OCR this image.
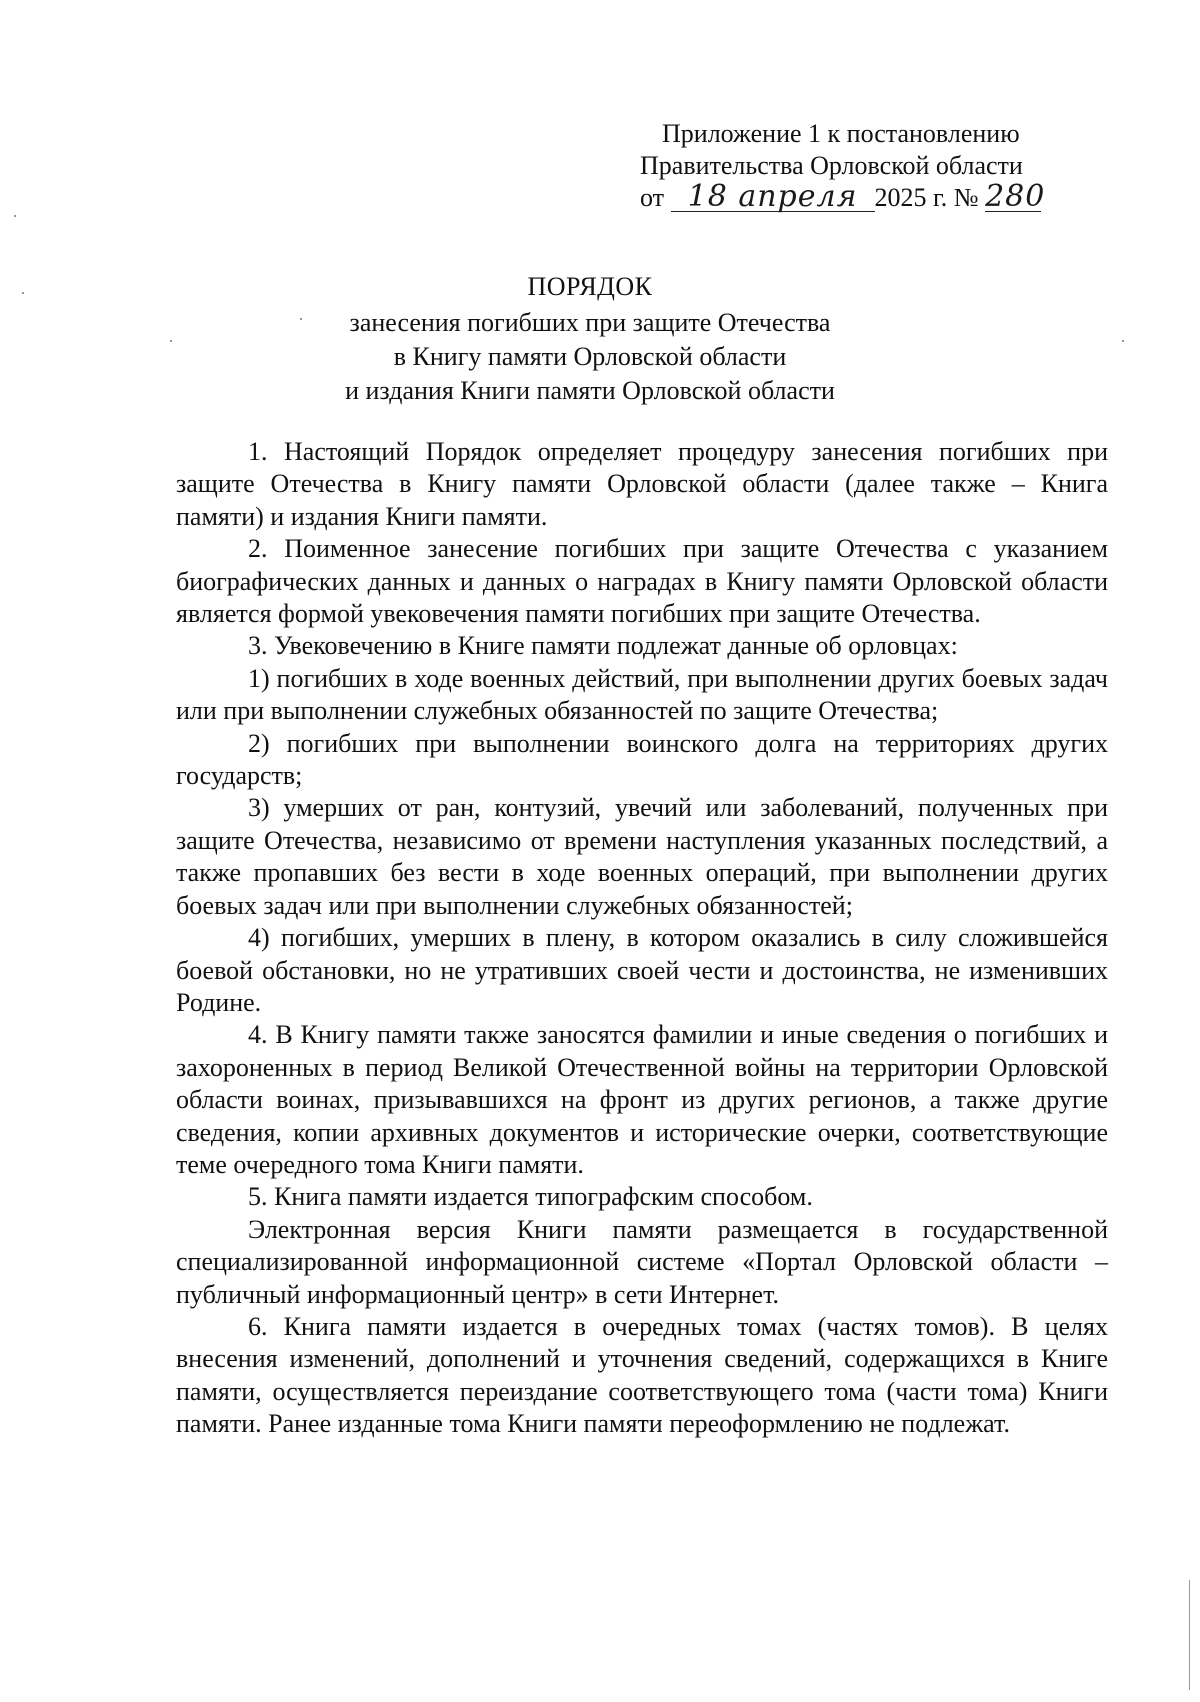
Приложение 1 к постановлению
Правительства Орловской области
от 18 апреля 2025 г. № 280
ПОРЯДОК
занесения погибших при защите Отечества
в Книгу памяти Орловской области
и издания Книги памяти Орловской области

1. Настоящий Порядок определяет процедуру занесения погибших при защите Отечества в Книгу памяти Орловской области (далее также – Книга памяти) и издания Книги памяти.

2. Поименное занесение погибших при защите Отечества с указанием биографических данных и данных о наградах в Книгу памяти Орловской области является формой увековечения памяти погибших при защите Отечества.

3. Увековечению в Книге памяти подлежат данные об орловцах:

1) погибших в ходе военных действий, при выполнении других боевых задач или при выполнении служебных обязанностей по защите Отечества;

2) погибших при выполнении воинского долга на территориях других государств;

3) умерших от ран, контузий, увечий или заболеваний, полученных при защите Отечества, независимо от времени наступления указанных последствий, а также пропавших без вести в ходе военных операций, при выполнении других боевых задач или при выполнении служебных обязанностей;

4) погибших, умерших в плену, в котором оказались в силу сложившейся боевой обстановки, но не утративших своей чести и достоинства, не изменивших Родине.

4. В Книгу памяти также заносятся фамилии и иные сведения о погибших и захороненных в период Великой Отечественной войны на территории Орловской области воинах, призывавшихся на фронт из других регионов, а также другие сведения, копии архивных документов и исторические очерки, соответствующие теме очередного тома Книги памяти.

5. Книга памяти издается типографским способом.

Электронная версия Книги памяти размещается в государственной специализированной информационной системе «Портал Орловской области – публичный информационный центр» в сети Интернет.

6. Книга памяти издается в очередных томах (частях томов). В целях внесения изменений, дополнений и уточнения сведений, содержащихся в Книге памяти, осуществляется переиздание соответствующего тома (части тома) Книги памяти. Ранее изданные тома Книги памяти переоформлению не подлежат.
